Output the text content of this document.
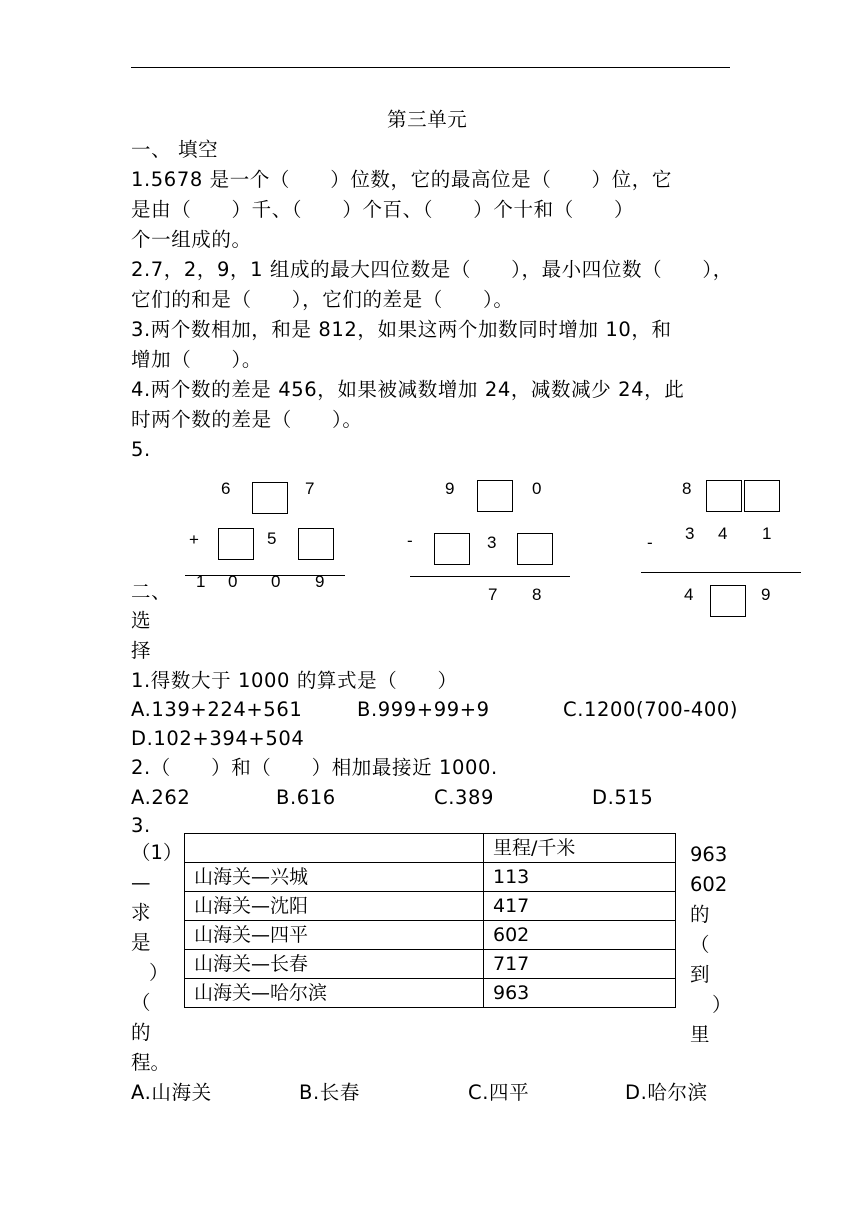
第三单元
一、 填空
1.5678 是一个（　　）位数，它的最高位是（　　）位，它
是由（　　）千、（　　）个百、（　　）个十和（　　）
个一组成的。
2.7，2，9，1 组成的最大四位数是（　　），最小四位数（　　），
它们的和是（　　），它们的差是（　　）。
3.两个数相加，和是 812，如果这两个加数同时增加 10，和
增加（　　）。
4.两个数的差是 456，如果被减数增加 24，减数减少 24，此
时两个数的差是（　　）。
5.
6	7
+	5
1 0 0 9
9	0
-	3
7 8
8
- 3 4 1
4	9
二、
选
择
1.得数大于 1000 的算式是（　　）
A.139+224+561	B.999+99+9	C.1200(700-400)
D.102+394+504
2.（　　）和（　　）相加最接近 1000.
A.262	B.616	C.389	D.515
3.
（1）
—
求
是
）
（
的
程。
	里程/千米
山海关—兴城	113
山海关—沈阳	417
山海关—四平	602
山海关—长春	717
山海关—哈尔滨	963
963
602
的
（
到
）
里
A.山海关	B.长春	C.四平	D.哈尔滨
